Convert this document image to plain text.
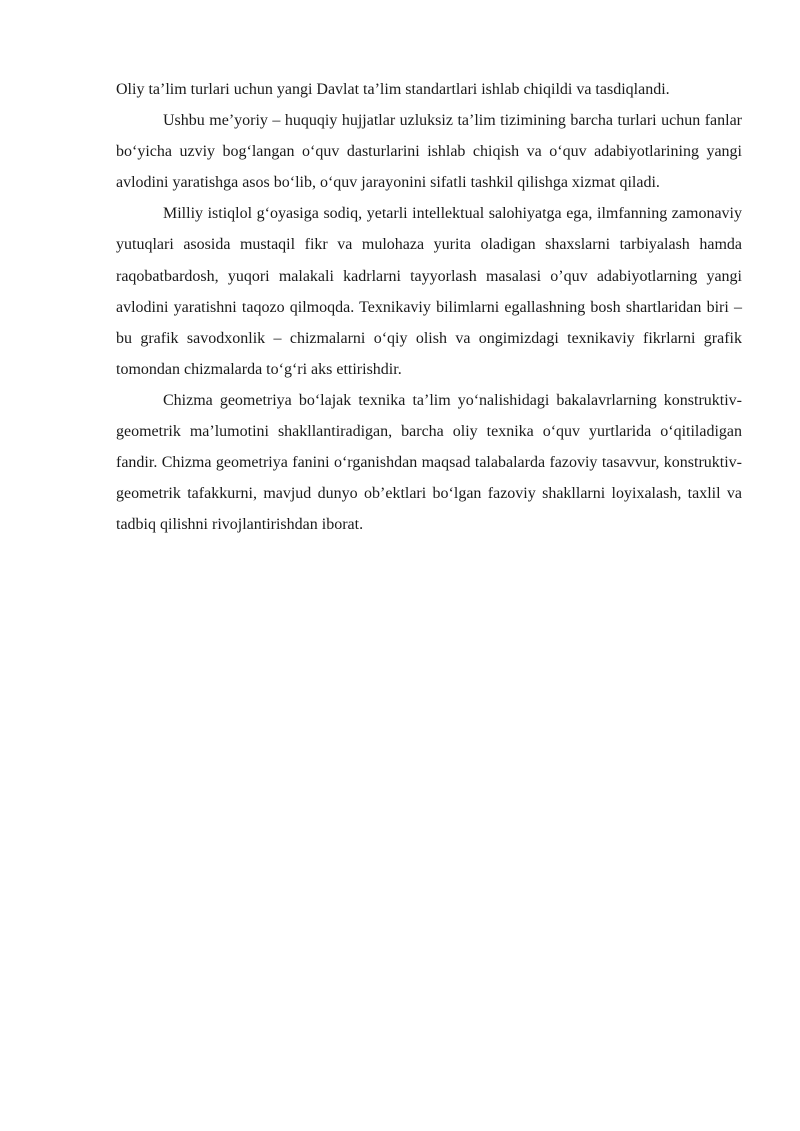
Oliy ta’lim turlari uchun yangi Davlat ta’lim standartlari ishlab chiqildi va tasdiqlandi.

Ushbu me’yoriy – huquqiy hujjatlar uzluksiz ta’lim tizimining barcha turlari uchun fanlar bo‘yicha uzviy bog‘langan o‘quv dasturlarini ishlab chiqish va o‘quv adabiyotlarining yangi avlodini yaratishga asos bo‘lib, o‘quv jarayonini sifatli tashkil qilishga xizmat qiladi.

Milliy istiqlol g‘oyasiga sodiq, yetarli intellektual salohiyatga ega, ilmfanning zamonaviy yutuqlari asosida mustaqil fikr va mulohaza yurita oladigan shaxslarni tarbiyalash hamda raqobatbardosh, yuqori malakali kadrlarni tayyorlash masalasi o’quv adabiyotlarning yangi avlodini yaratishni taqozo qilmoqda. Texnikaviy bilimlarni egallashning bosh shartlaridan biri – bu grafik savodxonlik – chizmalarni o‘qiy olish va ongimizdagi texnikaviy fikrlarni grafik tomondan chizmalarda to‘g‘ri aks ettirishdir.

Chizma geometriya bo‘lajak texnika ta’lim yo‘nalishidagi bakalavrlarning konstruktiv-geometrik ma’lumotini shakllantiradigan, barcha oliy texnika o‘quv yurtlarida o‘qitiladigan fandir. Chizma geometriya fanini o‘rganishdan maqsad talabalarda fazoviy tasavvur, konstruktiv-geometrik tafakkurni, mavjud dunyo ob’ektlari bo‘lgan fazoviy shakllarni loyixalash, taxlil va tadbiq qilishni rivojlantirishdan iborat.
